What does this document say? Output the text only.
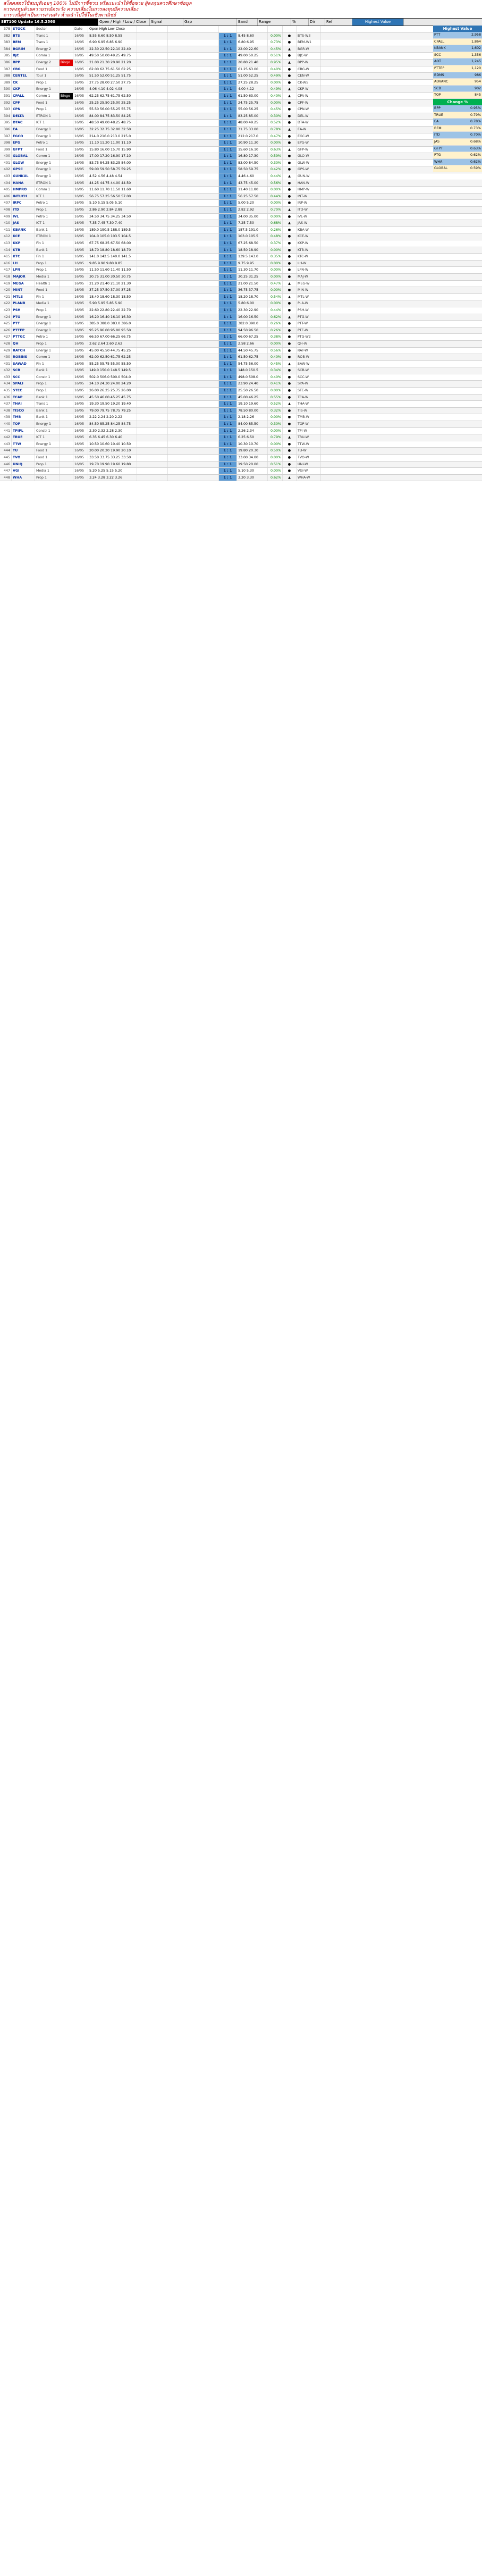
สโตคสตรใช้สมมุติเฉยๆ 100% ไม่มีการชี้ชวน หรือแนะนำให้ซื้อขาย ผู้ลงทุนควรศึกษาข้อมูล
ควรลงทุนด้วยความระมัดระวัง ความเสี่ยงในการลงทุนมีความเสี่ยง
ตารางนี้ผู้ทำเป็นการส่วนตัว ห้ามนำไปใช้ในเชิงพาณิชย์
SET100 Update 16.5.2560	Open / High / Low / Close	Signal	Gap	Band	Range	%	Dir	Ref	Highest Value
378 STOCK	Sector	Date	Open High Low Close
382 BTS	Trans 1	16/05	8.55 8.60 8.50 8.55	1 : 1	8.45 8.60	0.00%	●	BTS-W3
383 BEM	Trans 1	16/05	6.90 6.95 6.85 6.90	1 : 1	6.80 6.95	0.73%	●	BEM-W1
384 BGRIM	Energy 2	16/05	22.30 22.50 22.10 22.40	1 : 1	22.00 22.60	0.45%	▲	BGR-W
385 BJC	Comm 1	16/05	49.50 50.00 49.25 49.75	1 : 1	49.00 50.25	0.51%	●	BJC-W
386 BPP	Energy 2	Bingo	16/05	21.00 21.30 20.90 21.20	1 : 1	20.80 21.40	0.95%	▲	BPP-W
387 CBG	Food 1	16/05	62.00 62.75 61.50 62.25	1 : 1	61.25 63.00	0.40%	●	CBG-W
388 CENTEL	Tour 1	16/05	51.50 52.00 51.25 51.75	1 : 1	51.00 52.25	0.49%	●	CEN-W
389 CK	Prop 1	16/05	27.75 28.00 27.50 27.75	1 : 1	27.25 28.25	0.00%	●	CK-W5
390 CKP	Energy 1	16/05	4.06 4.10 4.02 4.08	1 : 1	4.00 4.12	0.49%	▲	CKP-W
391 CPALL	Comm 1	Bingo	16/05	62.25 62.75 61.75 62.50	1 : 1	61.50 63.00	0.40%	▲	CPA-W
392 CPF	Food 1	16/05	25.25 25.50 25.00 25.25	1 : 1	24.75 25.75	0.00%	●	CPF-W
393 CPN	Prop 1	16/05	55.50 56.00 55.25 55.75	1 : 1	55.00 56.25	0.45%	●	CPN-W
394 DELTA	ETRON 1	16/05	84.00 84.75 83.50 84.25	1 : 1	83.25 85.00	0.30%	●	DEL-W
395 DTAC	ICT 1	16/05	48.50 49.00 48.25 48.75	1 : 1	48.00 49.25	0.52%	●	DTA-W
396 EA	Energy 1	16/05	32.25 32.75 32.00 32.50	1 : 1	31.75 33.00	0.78%	▲	EA-W
397 EGCO	Energy 1	16/05	214.0 216.0 213.0 215.0	1 : 1	212.0 217.0	0.47%	●	EGC-W
398 EPG	Petro 1	16/05	11.10 11.20 11.00 11.10	1 : 1	10.90 11.30	0.00%	●	EPG-W
399 GFPT	Food 1	16/05	15.80 16.00 15.70 15.90	1 : 1	15.60 16.10	0.63%	▲	GFP-W
400 GLOBAL	Comm 1	16/05	17.00 17.20 16.90 17.10	1 : 1	16.80 17.30	0.59%	●	GLO-W
401 GLOW	Energy 1	16/05	83.75 84.25 83.25 84.00	1 : 1	83.00 84.50	0.30%	●	GLW-W
402 GPSC	Energy 1	16/05	59.00 59.50 58.75 59.25	1 : 1	58.50 59.75	0.42%	●	GPS-W
403 GUNKUL	Energy 1	16/05	4.52 4.56 4.48 4.54	1 : 1	4.46 4.60	0.44%	▲	GUN-W
404 HANA	ETRON 1	16/05	44.25 44.75 44.00 44.50	1 : 1	43.75 45.00	0.56%	●	HAN-W
405 HMPRO	Comm 1	16/05	11.60 11.70 11.50 11.60	1 : 1	11.40 11.80	0.00%	●	HMP-W
406 INTUCH	ICT 1	16/05	56.75 57.25 56.50 57.00	1 : 1	56.25 57.50	0.44%	●	INT-W
407 IRPC	Petro 1	16/05	5.10 5.15 5.05 5.10	1 : 1	5.00 5.20	0.00%	●	IRP-W
408 ITD	Prop 1	16/05	2.86 2.90 2.84 2.88	1 : 1	2.82 2.92	0.70%	▲	ITD-W
409 IVL	Petro 1	16/05	34.50 34.75 34.25 34.50	1 : 1	34.00 35.00	0.00%	●	IVL-W
410 JAS	ICT 1	16/05	7.35 7.45 7.30 7.40	1 : 1	7.25 7.50	0.68%	▲	JAS-W
411 KBANK	Bank 1	16/05	189.0 190.5 188.0 189.5	1 : 1	187.5 191.0	0.26%	●	KBA-W
412 KCE	ETRON 1	16/05	104.0 105.0 103.5 104.5	1 : 1	103.0 105.5	0.48%	●	KCE-W
413 KKP	Fin 1	16/05	67.75 68.25 67.50 68.00	1 : 1	67.25 68.50	0.37%	●	KKP-W
414 KTB	Bank 1	16/05	18.70 18.80 18.60 18.70	1 : 1	18.50 18.90	0.00%	●	KTB-W
415 KTC	Fin 1	16/05	141.0 142.5 140.0 141.5	1 : 1	139.5 143.0	0.35%	●	KTC-W
416 LH	Prop 1	16/05	9.85 9.90 9.80 9.85	1 : 1	9.75 9.95	0.00%	●	LH-W
417 LPN	Prop 1	16/05	11.50 11.60 11.40 11.50	1 : 1	11.30 11.70	0.00%	●	LPN-W
418 MAJOR	Media 1	16/05	30.75 31.00 30.50 30.75	1 : 1	30.25 31.25	0.00%	●	MAJ-W
419 MEGA	Health 1	16/05	21.20 21.40 21.10 21.30	1 : 1	21.00 21.50	0.47%	▲	MEG-W
420 MINT	Food 1	16/05	37.25 37.50 37.00 37.25	1 : 1	36.75 37.75	0.00%	●	MIN-W
421 MTLS	Fin 1	16/05	18.40 18.60 18.30 18.50	1 : 1	18.20 18.70	0.54%	▲	MTL-W
422 PLANB	Media 1	16/05	5.90 5.95 5.85 5.90	1 : 1	5.80 6.00	0.00%	●	PLA-W
423 PSH	Prop 1	16/05	22.60 22.80 22.40 22.70	1 : 1	22.30 22.90	0.44%	●	PSH-W
424 PTG	Energy 1	16/05	16.20 16.40 16.10 16.30	1 : 1	16.00 16.50	0.62%	▲	PTG-W
425 PTT	Energy 1	16/05	385.0 388.0 383.0 386.0	1 : 1	382.0 390.0	0.26%	●	PTT-W
426 PTTEP	Energy 1	16/05	95.25 96.00 95.00 95.50	1 : 1	94.50 96.50	0.26%	●	PTE-W
427 PTTGC	Petro 1	16/05	66.50 67.00 66.25 66.75	1 : 1	66.00 67.25	0.38%	●	PTG-W2
428 QH	Prop 1	16/05	2.62 2.64 2.60 2.62	1 : 1	2.58 2.66	0.00%	●	QH-W
429 RATCH	Energy 1	16/05	45.00 45.50 44.75 45.25	1 : 1	44.50 45.75	0.56%	●	RAT-W
430 ROBINS	Comm 1	16/05	62.00 62.50 61.75 62.25	1 : 1	61.50 62.75	0.40%	●	ROB-W
431 SAWAD	Fin 1	16/05	55.25 55.75 55.00 55.50	1 : 1	54.75 56.00	0.45%	▲	SAW-W
432 SCB	Bank 1	16/05	149.0 150.0 148.5 149.5	1 : 1	148.0 150.5	0.34%	●	SCB-W
433 SCC	Constr 1	16/05	502.0 506.0 500.0 504.0	1 : 1	498.0 508.0	0.40%	●	SCC-W
434 SPALI	Prop 1	16/05	24.10 24.30 24.00 24.20	1 : 1	23.90 24.40	0.41%	●	SPA-W
435 STEC	Prop 1	16/05	26.00 26.25 25.75 26.00	1 : 1	25.50 26.50	0.00%	●	STE-W
436 TCAP	Bank 1	16/05	45.50 46.00 45.25 45.75	1 : 1	45.00 46.25	0.55%	●	TCA-W
437 THAI	Trans 1	16/05	19.30 19.50 19.20 19.40	1 : 1	19.10 19.60	0.52%	▲	THA-W
438 TISCO	Bank 1	16/05	79.00 79.75 78.75 79.25	1 : 1	78.50 80.00	0.32%	●	TIS-W
439 TMB	Bank 1	16/05	2.22 2.24 2.20 2.22	1 : 1	2.18 2.26	0.00%	●	TMB-W
440 TOP	Energy 1	16/05	84.50 85.25 84.25 84.75	1 : 1	84.00 85.50	0.30%	●	TOP-W
441 TPIPL	Constr 1	16/05	2.30 2.32 2.28 2.30	1 : 1	2.26 2.34	0.00%	●	TPI-W
442 TRUE	ICT 1	16/05	6.35 6.45 6.30 6.40	1 : 1	6.25 6.50	0.79%	▲	TRU-W
443 TTW	Energy 1	16/05	10.50 10.60 10.40 10.50	1 : 1	10.30 10.70	0.00%	●	TTW-W
444 TU	Food 1	16/05	20.00 20.20 19.90 20.10	1 : 1	19.80 20.30	0.50%	●	TU-W
445 TVO	Food 1	16/05	33.50 33.75 33.25 33.50	1 : 1	33.00 34.00	0.00%	●	TVO-W
446 UNIQ	Prop 1	16/05	19.70 19.90 19.60 19.80	1 : 1	19.50 20.00	0.51%	●	UNI-W
447 VGI	Media 1	16/05	5.20 5.25 5.15 5.20	1 : 1	5.10 5.30	0.00%	●	VGI-W
448 WHA	Prop 1	16/05	3.24 3.28 3.22 3.26	1 : 1	3.20 3.30	0.62%	▲	WHA-W
Highest Value
PTT	2,958
CPALL	1,864
KBANK	1,602
SCC	1,356
AOT	1,245
PTTEP	1,120
BDMS	986
ADVANC	954
SCB	902
TOP	845
Change %
BPP	0.95%
TRUE	0.79%
EA	0.78%
BEM	0.73%
ITD	0.70%
JAS	0.68%
GFPT	0.63%
PTG	0.62%
WHA	0.62%
GLOBAL	0.59%
